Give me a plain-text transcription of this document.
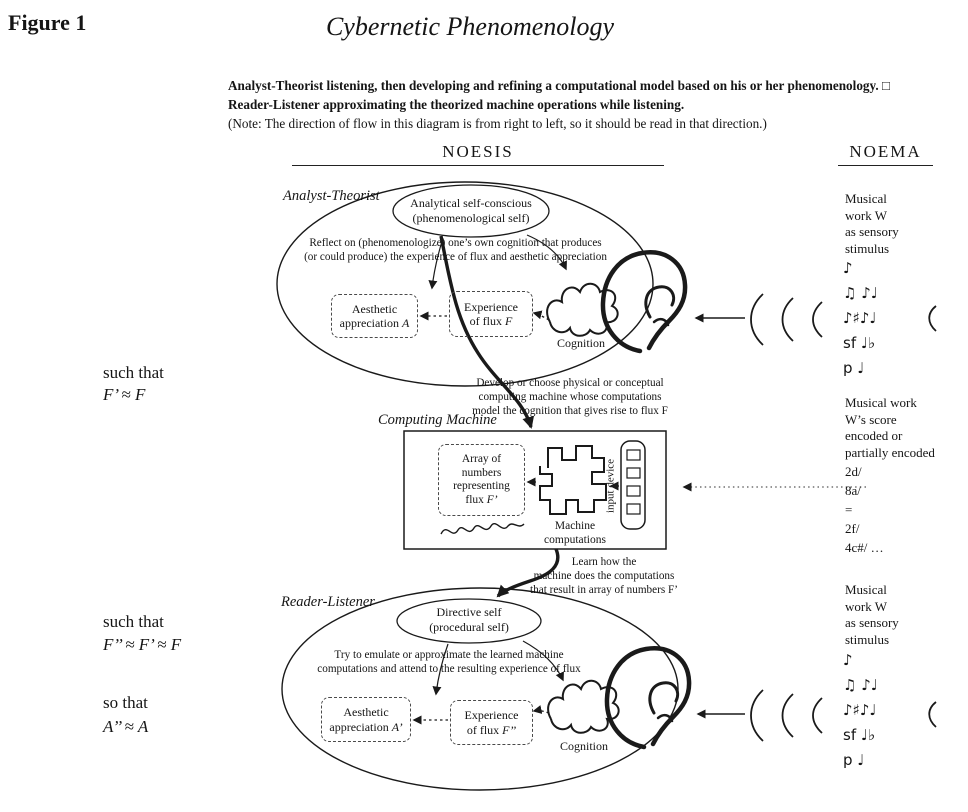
input device
Figure 1	Cybernetic Phenomenology
Analyst-Theorist listening, then developing and refining a computational model based on his or her phenomenology. □
Reader-Listener approximating the theorized machine operations while listening.
(Note: The direction of flow in this diagram is from right to left, so it should be read in that direction.)
NOESIS	NOEMA
such that
F’ ≈ F
such that
F’’ ≈ F’ ≈ F
so that
A’’ ≈ A
Analyst-Theorist	Analytical self-conscious
(phenomenological self)
Reflect on (phenomenologize) one’s own cognition that produces
(or could produce) the experience of flux and aesthetic appreciation
Aesthetic
appreciation A
Experience
of flux F
Cognition
Develop or choose physical or conceptual
computing machine whose computations
model the cognition that gives rise to flux F
Computing Machine
Array of
numbers
representing
flux F’
Machine
computations
Learn how the
machine does the computations
that result in array of numbers F’
Reader-Listener
Directive self
(procedural self)
Try to emulate or approximate the learned machine
computations and attend to the resulting experience of flux
Aesthetic
appreciation A’
Experience
of flux F’’
Cognition
Musical
work W
as sensory
stimulus
♪
♫ ♪♩
♪♯♪♩
sf ♩♭
p ♩
Musical work
W’s score
encoded or
partially encoded
2d/
8a/
=
2f/
4c#/ …
Musical
work W
as sensory
stimulus
♪
♫ ♪♩
♪♯♪♩
sf ♩♭
p ♩
